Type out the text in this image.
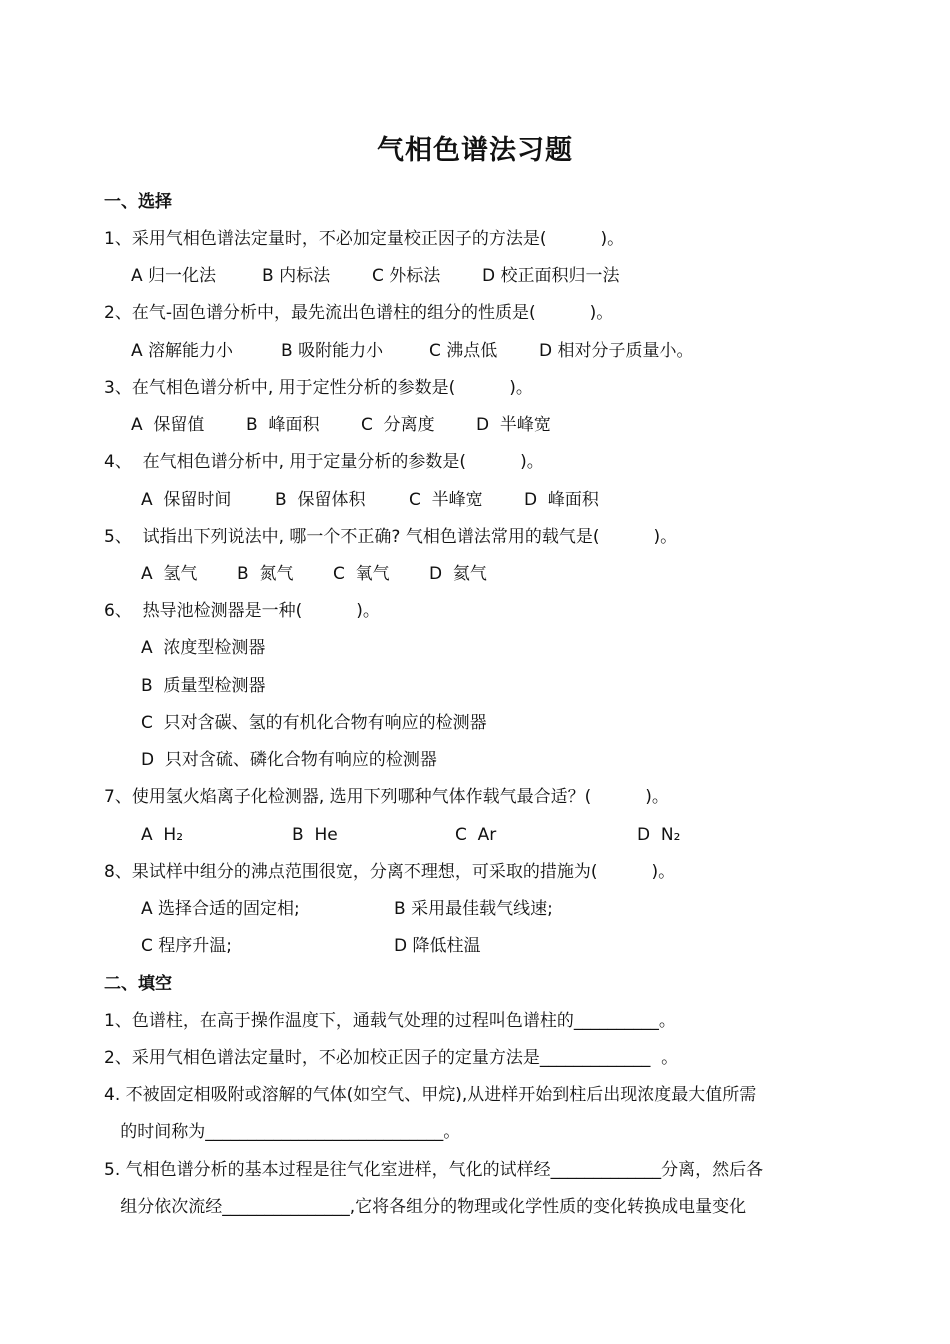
气相色谱法习题
一、选择
1、采用气相色谱法定量时，不必加定量校正因子的方法是(          )。
A 归一化法	B 内标法 C 外标法 D 校正面积归一法
2、在气-固色谱分析中，最先流出色谱柱的组分的性质是(          )。
A 溶解能力小	B 吸附能力小	C 沸点低 D 相对分子质量小。
3、在气相色谱分析中, 用于定性分析的参数是(          )。
A  保留值 B  峰面积 C  分离度 D  半峰宽
4、  在气相色谱分析中, 用于定量分析的参数是(          )。
A  保留时间	B  保留体积	C  半峰宽 D  峰面积
5、  试指出下列说法中, 哪一个不正确? 气相色谱法常用的载气是(          )。
A  氢气 B  氮气 C  氧气 D  氦气
6、  热导池检测器是一种(          )。
A  浓度型检测器
B  质量型检测器
C  只对含碳、氢的有机化合物有响应的检测器
D  只对含硫、磷化合物有响应的检测器
7、使用氢火焰离子化检测器, 选用下列哪种气体作载气最合适？(          )。
A  H₂	B  He	C  Ar	D  N₂
8、果试样中组分的沸点范围很宽，分离不理想，可采取的措施为(          )。
A 选择合适的固定相;	B 采用最佳载气线速;
C 程序升温;	D 降低柱温
二、填空
1、色谱柱，在高于操作温度下，通载气处理的过程叫色谱柱的__________。
2、采用气相色谱法定量时，不必加校正因子的定量方法是_____________  。
4. 不被固定相吸附或溶解的气体(如空气、甲烷),从进样开始到柱后出现浓度最大值所需
的时间称为____________________________。
5. 气相色谱分析的基本过程是往气化室进样，气化的试样经_____________分离，然后各
组分依次流经_______________,它将各组分的物理或化学性质的变化转换成电量变化
